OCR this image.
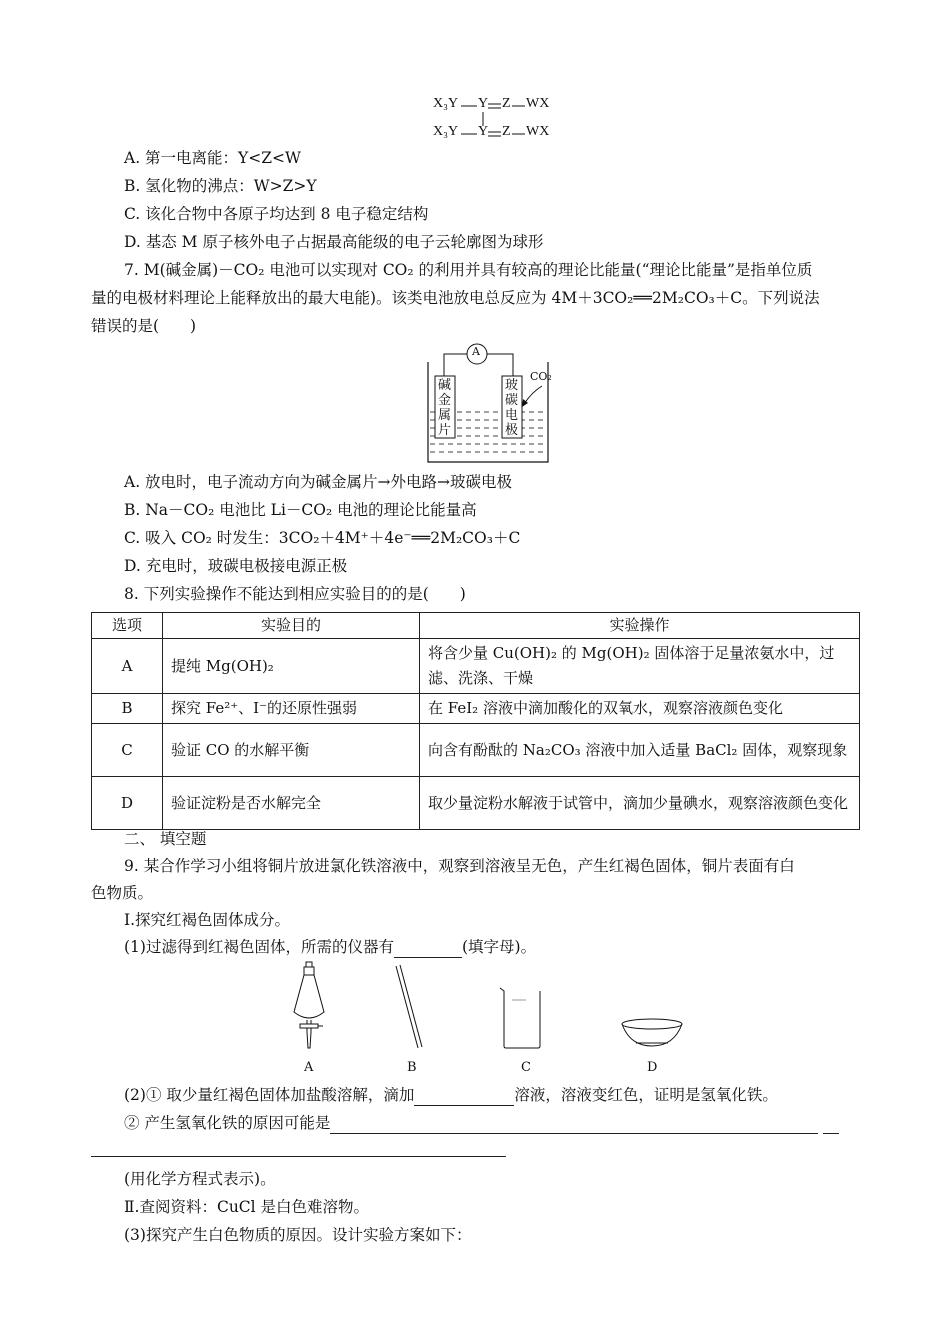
X₃Y Y Z WX
X₃Y Y Z WX
A. 第一电离能：Y<Z<W
B. 氢化物的沸点：W>Z>Y
C. 该化合物中各原子均达到 8 电子稳定结构
D. 基态 M 原子核外电子占据最高能级的电子云轮廓图为球形
7. M(碱金属)－CO₂ 电池可以实现对 CO₂ 的利用并具有较高的理论比能量(“理论比能量”是指单位质
量的电极材料理论上能释放出的最大电能)。该类电池放电总反应为 4M＋3CO₂══2M₂CO₃＋C。下列说法
错误的是(　　)
A
碱
金
属
片
玻
碳
电
极
CO₂
A. 放电时，电子流动方向为碱金属片→外电路→玻碳电极
B. Na－CO₂ 电池比 Li－CO₂ 电池的理论比能量高
C. 吸入 CO₂ 时发生：3CO₂＋4M⁺＋4e⁻══2M₂CO₃＋C
D. 充电时，玻碳电极接电源正极
8. 下列实验操作不能达到相应实验目的的是(　　)
选项	实验目的	实验操作
A	提纯 Mg(OH)₂	将含少量 Cu(OH)₂ 的 Mg(OH)₂ 固体溶于足量浓氨水中，过滤、洗涤、干燥
B	探究 Fe²⁺、I⁻的还原性强弱	在 FeI₂ 溶液中滴加酸化的双氧水，观察溶液颜色变化
C	验证 CO 的水解平衡	向含有酚酞的 Na₂CO₃ 溶液中加入适量 BaCl₂ 固体，观察现象
D	验证淀粉是否水解完全	取少量淀粉水解液于试管中，滴加少量碘水，观察溶液颜色变化
二、 填空题
9. 某合作学习小组将铜片放进氯化铁溶液中，观察到溶液呈无色，产生红褐色固体，铜片表面有白
色物质。
Ⅰ.探究红褐色固体成分。
(1)过滤得到红褐色固体，所需的仪器有	(填字母)。
A	B	C	D
(2)① 取少量红褐色固体加盐酸溶解，滴加	溶液，溶液变红色，证明是氢氧化铁。
② 产生氢氧化铁的原因可能是
(用化学方程式表示)。
Ⅱ.查阅资料：CuCl 是白色难溶物。
(3)探究产生白色物质的原因。设计实验方案如下：
